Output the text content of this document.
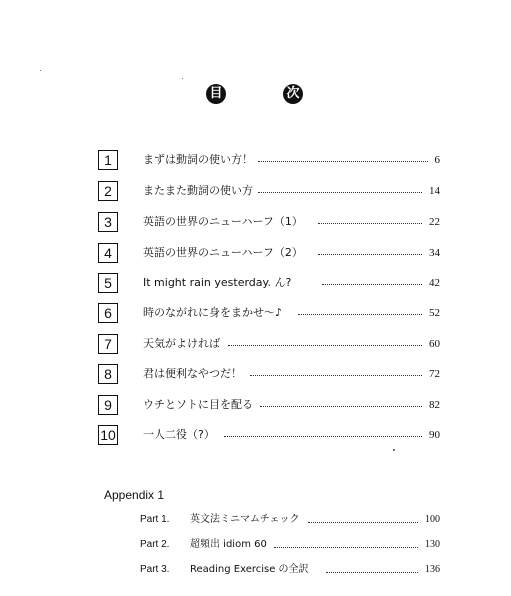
目	次
1	まずは動詞の使い方！	6
2	またまた動詞の使い方	14
3	英語の世界のニューハーフ（1）	22
4	英語の世界のニューハーフ（2）	34
5	It might rain yesterday. ん?	42
6	時のながれに身をまかせ～♪	52
7	天気がよければ	60
8	君は便利なやつだ！	72
9	ウチとソトに目を配る	82
10 一人二役（?）	90
Appendix 1
Part 1. 英文法ミニマムチェック	100
Part 2. 超頻出 idiom 60	130
Part 3. Reading Exercise の全訳	136
